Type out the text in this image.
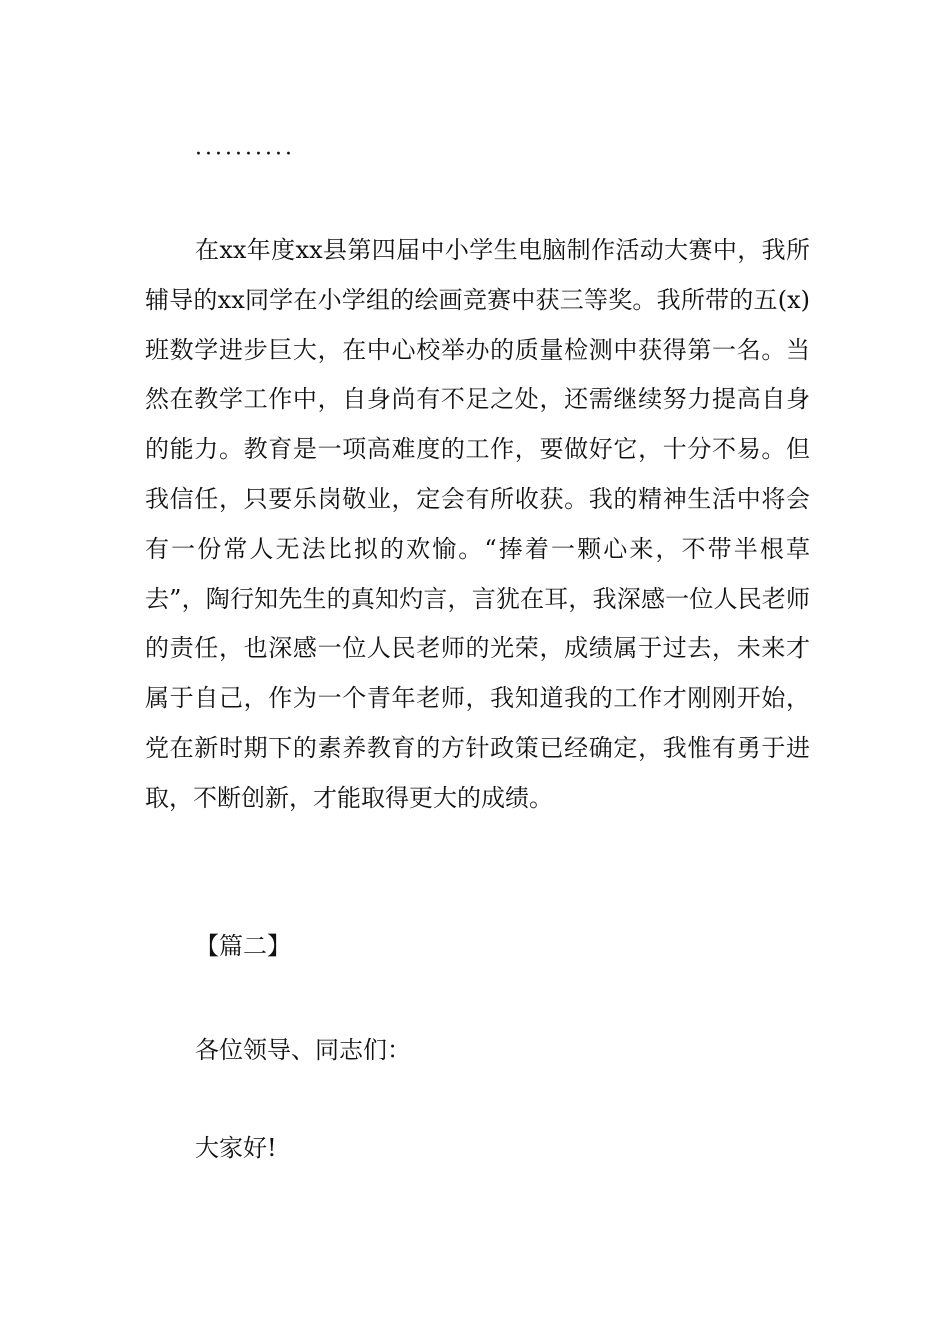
··········

在xx年度xx县第四届中小学生电脑制作活动大赛中，我所辅导的xx同学在小学组的绘画竞赛中获三等奖。我所带的五(x)班数学进步巨大，在中心校举办的质量检测中获得第一名。当然在教学工作中，自身尚有不足之处，还需继续努力提高自身的能力。教育是一项高难度的工作，要做好它，十分不易。但我信任，只要乐岗敬业，定会有所收获。我的精神生活中将会有一份常人无法比拟的欢愉。“捧着一颗心来，不带半根草去”，陶行知先生的真知灼言，言犹在耳，我深感一位人民老师的责任，也深感一位人民老师的光荣，成绩属于过去，未来才属于自己，作为一个青年老师，我知道我的工作才刚刚开始，党在新时期下的素养教育的方针政策已经确定，我惟有勇于进取，不断创新，才能取得更大的成绩。

【篇二】

各位领导、同志们：

大家好!
